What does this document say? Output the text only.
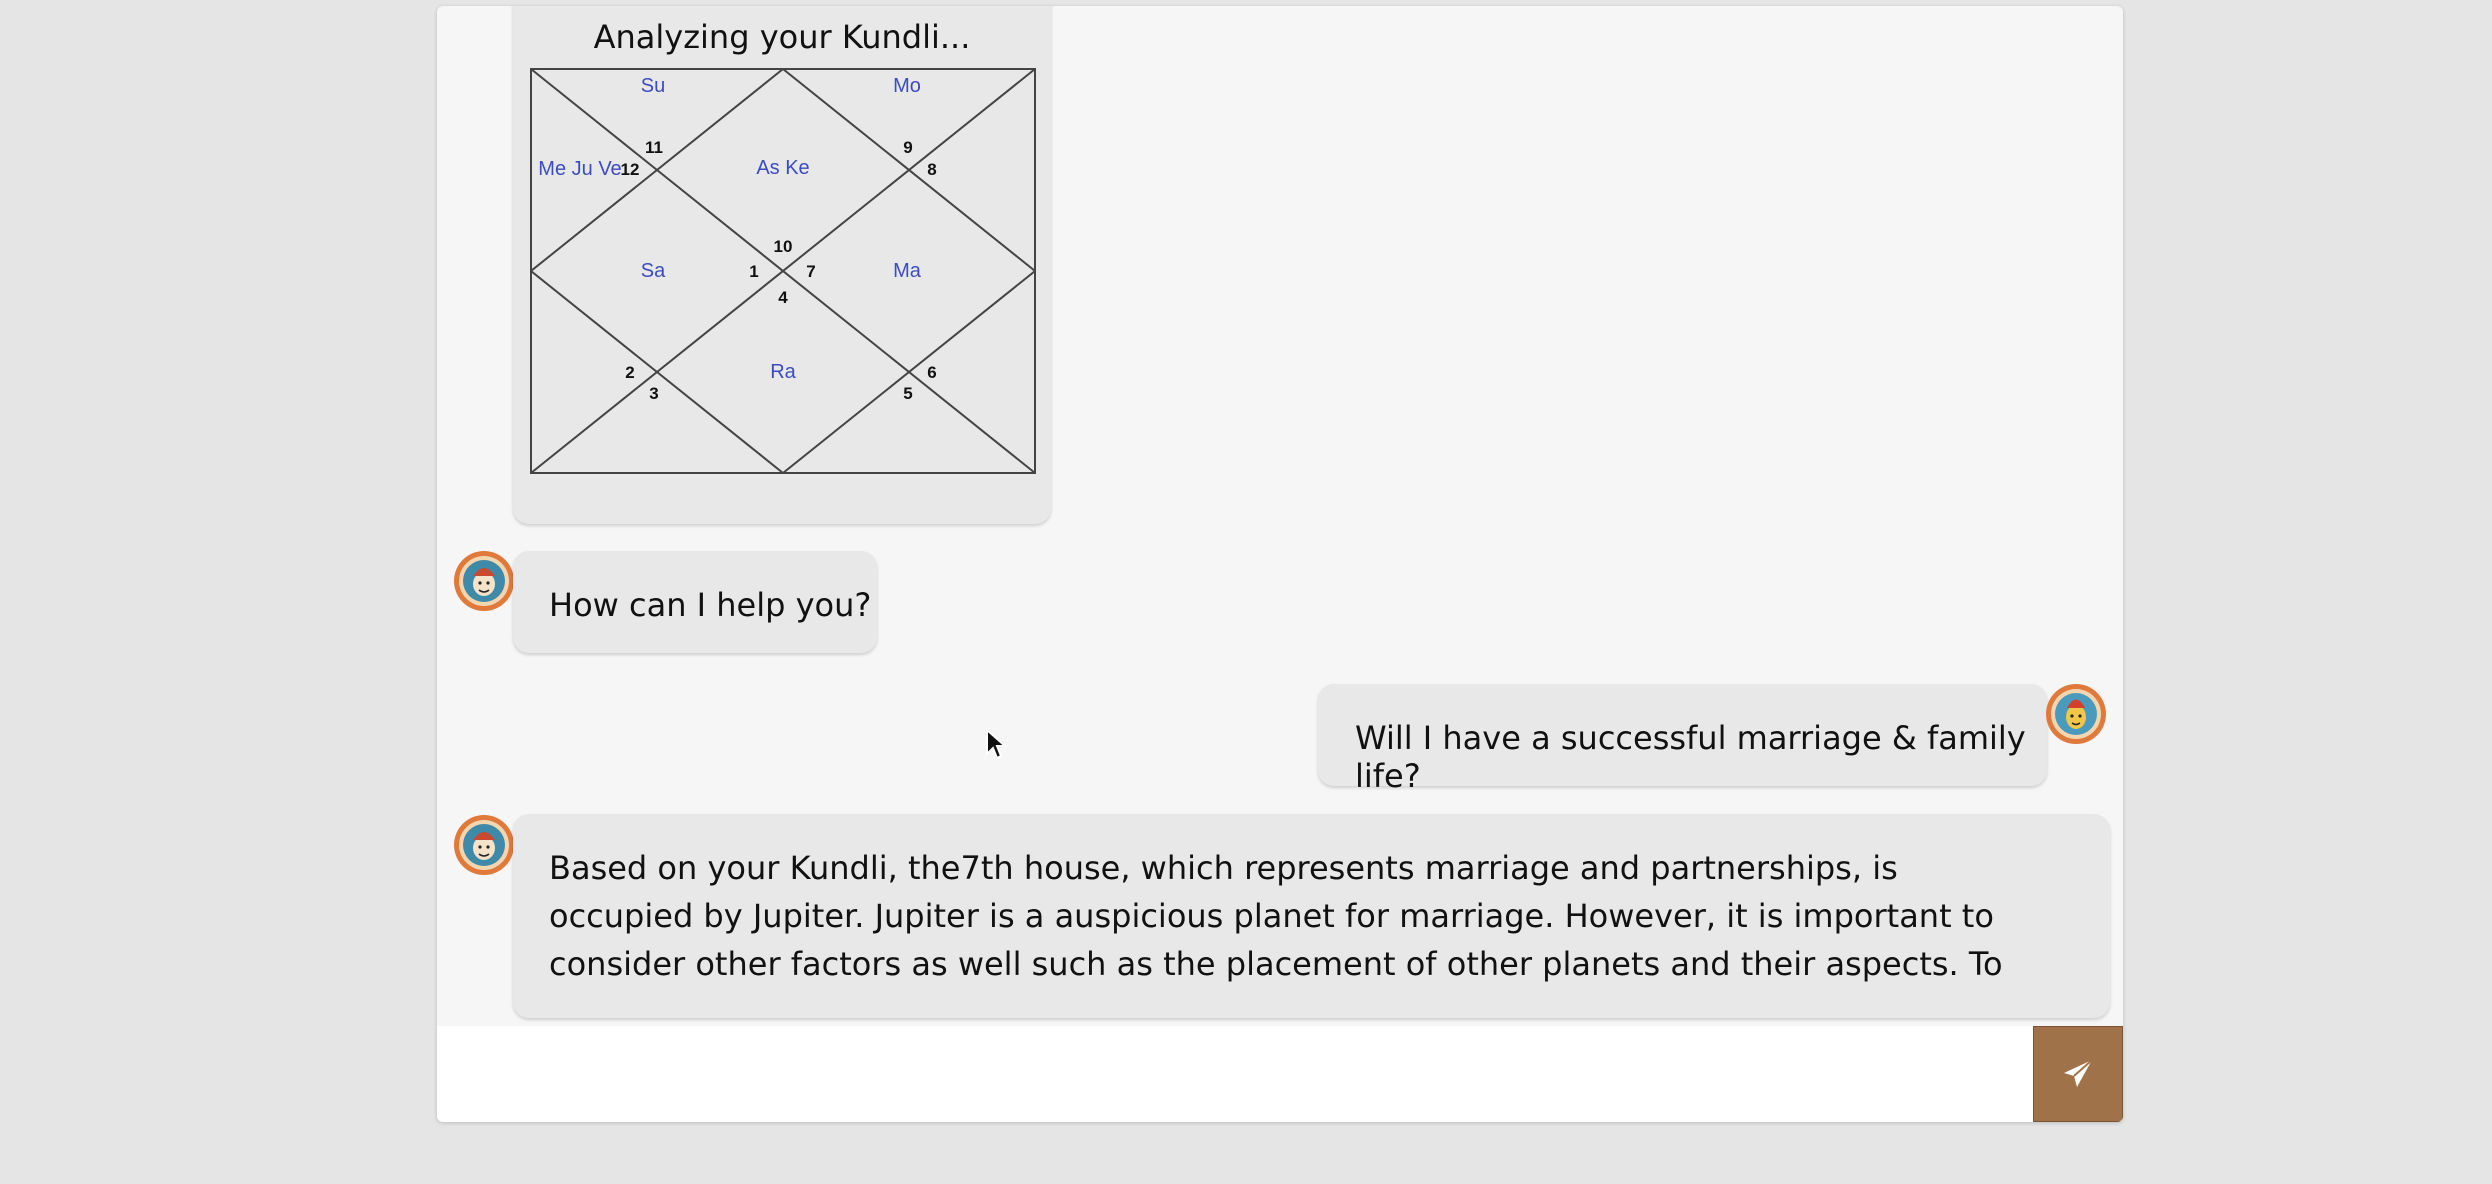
Analyzing your Kundli...
Su	Mo
Me Ju Ve	As Ke
Sa	Ma
Ra
1
2
3
4
5
6
7
8
9
10
11
12
How can I help you?
Will I have a successful marriage & family life?
Based on your Kundli, the7th house, which represents marriage and partnerships, is occupied by Jupiter. Jupiter is a auspicious planet for marriage. However, it is important to consider other factors as well such as the placement of other planets and their aspects. To
